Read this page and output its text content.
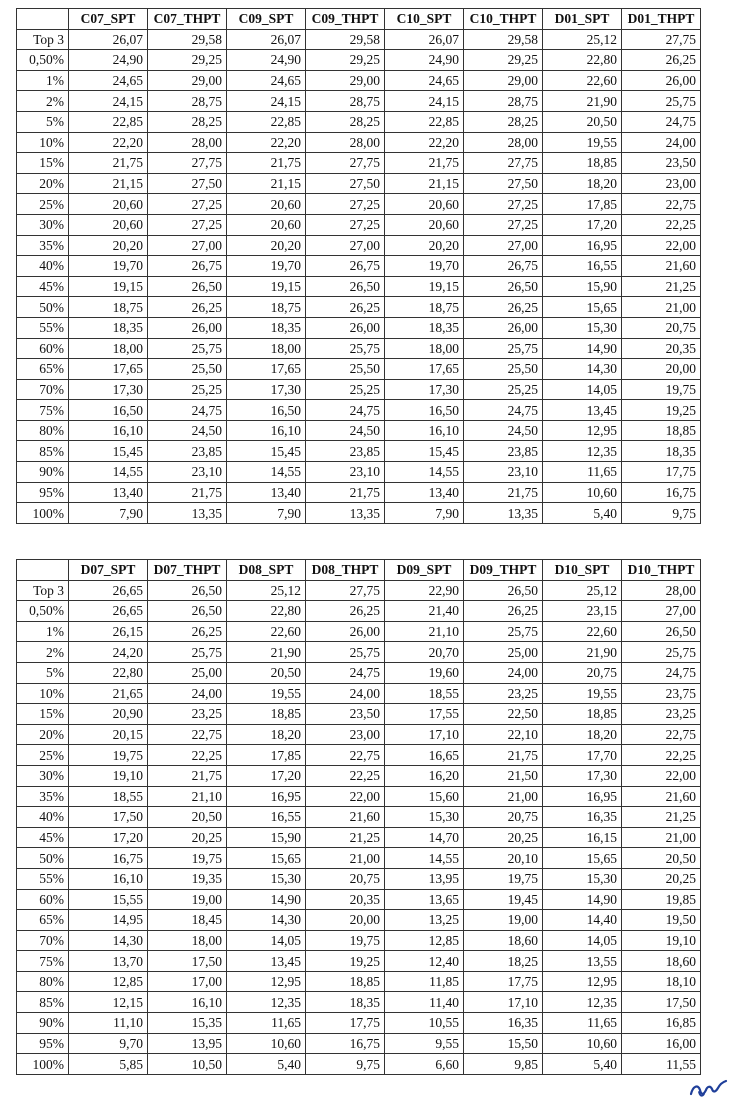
	C07_SPT	C07_THPT	C09_SPT	C09_THPT	C10_SPT	C10_THPT	D01_SPT	D01_THPT
Top 3	26,07	29,58	26,07	29,58	26,07	29,58	25,12	27,75
0,50%	24,90	29,25	24,90	29,25	24,90	29,25	22,80	26,25
1%	24,65	29,00	24,65	29,00	24,65	29,00	22,60	26,00
2%	24,15	28,75	24,15	28,75	24,15	28,75	21,90	25,75
5%	22,85	28,25	22,85	28,25	22,85	28,25	20,50	24,75
10%	22,20	28,00	22,20	28,00	22,20	28,00	19,55	24,00
15%	21,75	27,75	21,75	27,75	21,75	27,75	18,85	23,50
20%	21,15	27,50	21,15	27,50	21,15	27,50	18,20	23,00
25%	20,60	27,25	20,60	27,25	20,60	27,25	17,85	22,75
30%	20,60	27,25	20,60	27,25	20,60	27,25	17,20	22,25
35%	20,20	27,00	20,20	27,00	20,20	27,00	16,95	22,00
40%	19,70	26,75	19,70	26,75	19,70	26,75	16,55	21,60
45%	19,15	26,50	19,15	26,50	19,15	26,50	15,90	21,25
50%	18,75	26,25	18,75	26,25	18,75	26,25	15,65	21,00
55%	18,35	26,00	18,35	26,00	18,35	26,00	15,30	20,75
60%	18,00	25,75	18,00	25,75	18,00	25,75	14,90	20,35
65%	17,65	25,50	17,65	25,50	17,65	25,50	14,30	20,00
70%	17,30	25,25	17,30	25,25	17,30	25,25	14,05	19,75
75%	16,50	24,75	16,50	24,75	16,50	24,75	13,45	19,25
80%	16,10	24,50	16,10	24,50	16,10	24,50	12,95	18,85
85%	15,45	23,85	15,45	23,85	15,45	23,85	12,35	18,35
90%	14,55	23,10	14,55	23,10	14,55	23,10	11,65	17,75
95%	13,40	21,75	13,40	21,75	13,40	21,75	10,60	16,75
100%	7,90	13,35	7,90	13,35	7,90	13,35	5,40	9,75
	D07_SPT	D07_THPT	D08_SPT	D08_THPT	D09_SPT	D09_THPT	D10_SPT	D10_THPT
Top 3	26,65	26,50	25,12	27,75	22,90	26,50	25,12	28,00
0,50%	26,65	26,50	22,80	26,25	21,40	26,25	23,15	27,00
1%	26,15	26,25	22,60	26,00	21,10	25,75	22,60	26,50
2%	24,20	25,75	21,90	25,75	20,70	25,00	21,90	25,75
5%	22,80	25,00	20,50	24,75	19,60	24,00	20,75	24,75
10%	21,65	24,00	19,55	24,00	18,55	23,25	19,55	23,75
15%	20,90	23,25	18,85	23,50	17,55	22,50	18,85	23,25
20%	20,15	22,75	18,20	23,00	17,10	22,10	18,20	22,75
25%	19,75	22,25	17,85	22,75	16,65	21,75	17,70	22,25
30%	19,10	21,75	17,20	22,25	16,20	21,50	17,30	22,00
35%	18,55	21,10	16,95	22,00	15,60	21,00	16,95	21,60
40%	17,50	20,50	16,55	21,60	15,30	20,75	16,35	21,25
45%	17,20	20,25	15,90	21,25	14,70	20,25	16,15	21,00
50%	16,75	19,75	15,65	21,00	14,55	20,10	15,65	20,50
55%	16,10	19,35	15,30	20,75	13,95	19,75	15,30	20,25
60%	15,55	19,00	14,90	20,35	13,65	19,45	14,90	19,85
65%	14,95	18,45	14,30	20,00	13,25	19,00	14,40	19,50
70%	14,30	18,00	14,05	19,75	12,85	18,60	14,05	19,10
75%	13,70	17,50	13,45	19,25	12,40	18,25	13,55	18,60
80%	12,85	17,00	12,95	18,85	11,85	17,75	12,95	18,10
85%	12,15	16,10	12,35	18,35	11,40	17,10	12,35	17,50
90%	11,10	15,35	11,65	17,75	10,55	16,35	11,65	16,85
95%	9,70	13,95	10,60	16,75	9,55	15,50	10,60	16,00
100%	5,85	10,50	5,40	9,75	6,60	9,85	5,40	11,55
